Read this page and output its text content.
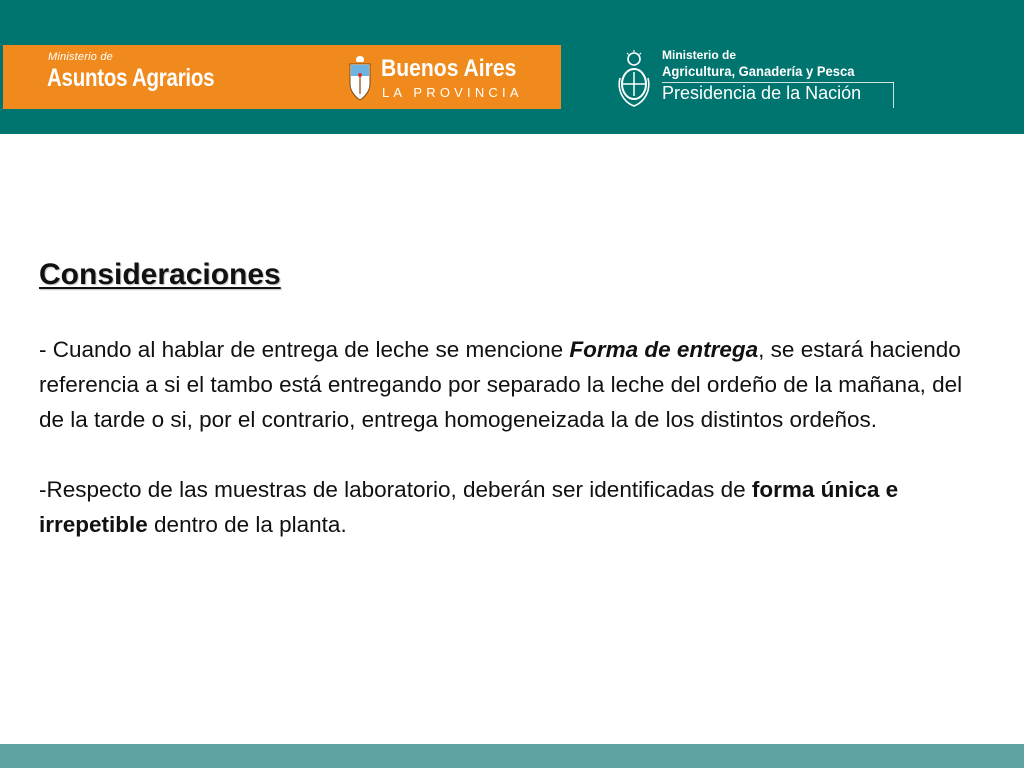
Ministerio de
Asuntos Agrarios	Buenos Aires
LA PROVINCIA
Ministerio de
Agricultura, Ganadería y Pesca
Presidencia de la Nación
Consideraciones

- Cuando al hablar de entrega de leche se mencione Forma de entrega, se estará haciendo referencia a si el tambo está entregando por separado la leche del ordeño de la mañana, del de la tarde o si, por el contrario, entrega homogeneizada la de los distintos ordeños.

-Respecto de las muestras de laboratorio, deberán ser identificadas de forma única e irrepetible dentro de la planta.
